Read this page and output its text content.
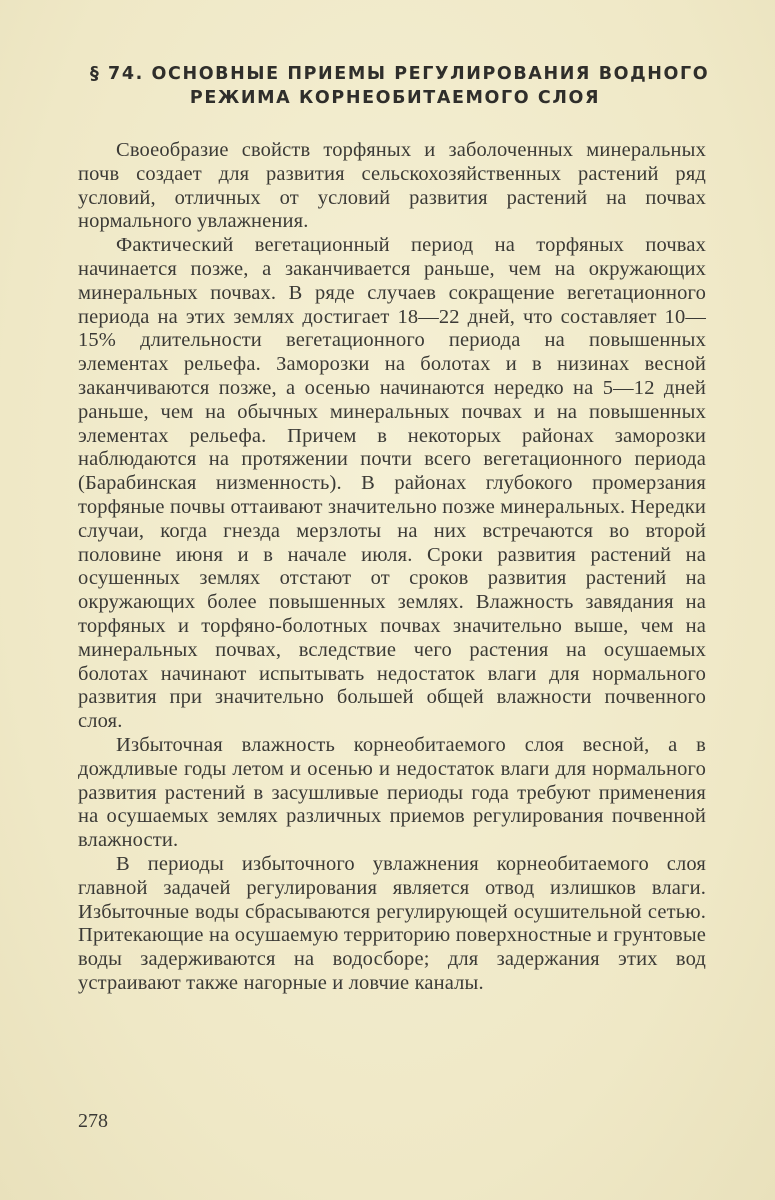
§ 74. ОСНОВНЫЕ ПРИЕМЫ РЕГУЛИРОВАНИЯ ВОДНОГО
РЕЖИМА КОРНЕОБИТАЕМОГО СЛОЯ

Своеобразие свойств торфяных и заболоченных минеральных почв создает для развития сельскохозяйственных растений ряд условий, отличных от условий развития растений на почвах нормального увлажнения.

Фактический вегетационный период на торфяных почвах начинается позже, а заканчивается раньше, чем на окружающих минеральных почвах. В ряде случаев сокращение вегетационного периода на этих землях достигает 18—22 дней, что составляет 10—15% длительности вегетационного периода на повышенных элементах рельефа. Заморозки на болотах и в низинах весной заканчиваются позже, а осенью начинаются нередко на 5—12 дней раньше, чем на обычных минеральных почвах и на повышенных элементах рельефа. Причем в некоторых районах заморозки наблюдаются на протяжении почти всего вегетационного периода (Барабинская низменность). В районах глубокого промерзания торфяные почвы оттаивают значительно позже минеральных. Нередки случаи, когда гнезда мерзлоты на них встречаются во второй половине июня и в начале июля. Сроки развития растений на осушенных землях отстают от сроков развития растений на окружающих более повышенных землях. Влажность завядания на торфяных и торфяно-болотных почвах значительно выше, чем на минеральных почвах, вследствие чего растения на осушаемых болотах начинают испытывать недостаток влаги для нормального развития при значительно большей общей влажности почвенного слоя.

Избыточная влажность корнеобитаемого слоя весной, а в дождливые годы летом и осенью и недостаток влаги для нормального развития растений в засушливые периоды года требуют применения на осушаемых землях различных приемов регулирования почвенной влажности.

В периоды избыточного увлажнения корнеобитаемого слоя главной задачей регулирования является отвод излишков влаги. Избыточные воды сбрасываются регулирующей осушительной сетью. Притекающие на осушаемую территорию поверхностные и грунтовые воды задерживаются на водосборе; для задержания этих вод устраивают также нагорные и ловчие каналы.

278
